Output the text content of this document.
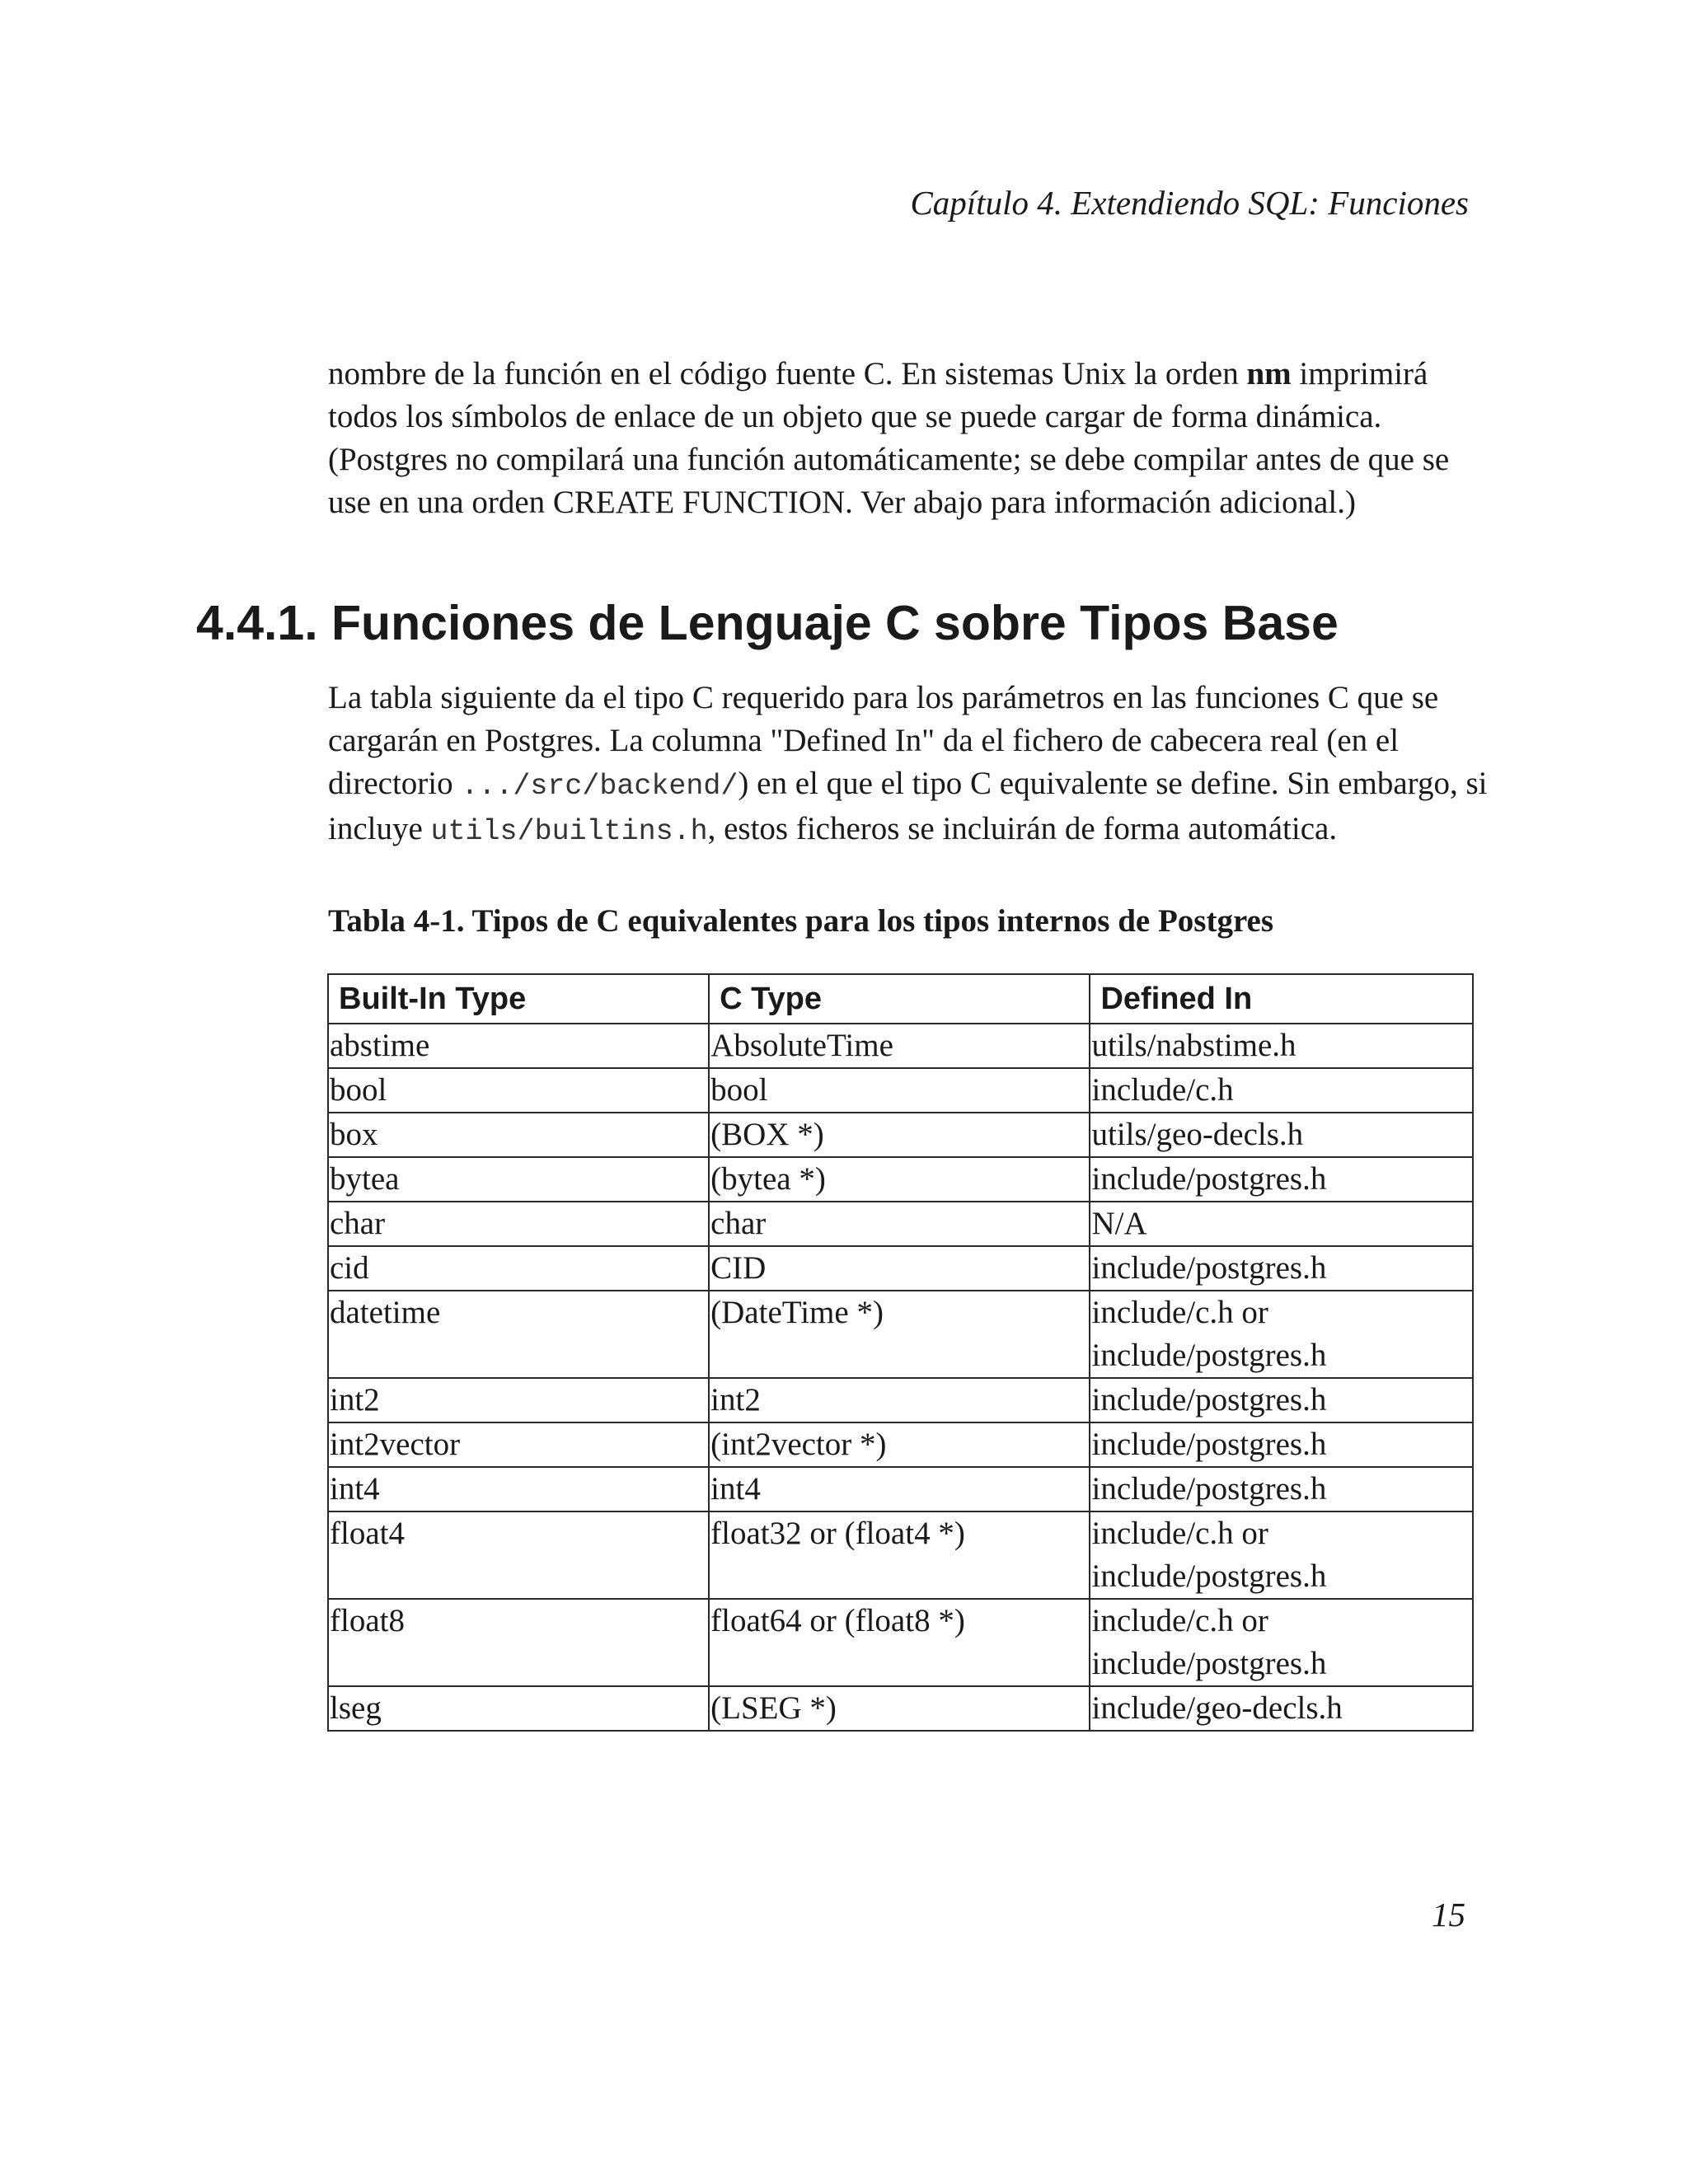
Capítulo 4. Extendiendo SQL: Funciones
nombre de la función en el código fuente C. En sistemas Unix la orden nm imprimirá todos los símbolos de enlace de un objeto que se puede cargar de forma dinámica. (Postgres no compilará una función automáticamente; se debe compilar antes de que se use en una orden CREATE FUNCTION. Ver abajo para información adicional.)
4.4.1. Funciones de Lenguaje C sobre Tipos Base
La tabla siguiente da el tipo C requerido para los parámetros en las funciones C que se cargarán en Postgres. La columna "Defined In" da el fichero de cabecera real (en el directorio .../src/backend/) en el que el tipo C equivalente se define. Sin embargo, si incluye utils/builtins.h, estos ficheros se incluirán de forma automática.
Tabla 4-1. Tipos de C equivalentes para los tipos internos de Postgres
Built-In Type	C Type	Defined In
abstime	AbsoluteTime	utils/nabstime.h

bool	bool	include/c.h

box	(BOX *)	utils/geo-decls.h

bytea	(bytea *)	include/postgres.h

char	char	N/A

cid	CID	include/postgres.h

datetime	(DateTime *)	include/c.h or
include/postgres.h

int2	int2	include/postgres.h

int2vector	(int2vector *)	include/postgres.h

int4	int4	include/postgres.h

float4	float32 or (float4 *)	include/c.h or
include/postgres.h

float8	float64 or (float8 *)	include/c.h or
include/postgres.h

lseg	(LSEG *)	include/geo-decls.h
15
